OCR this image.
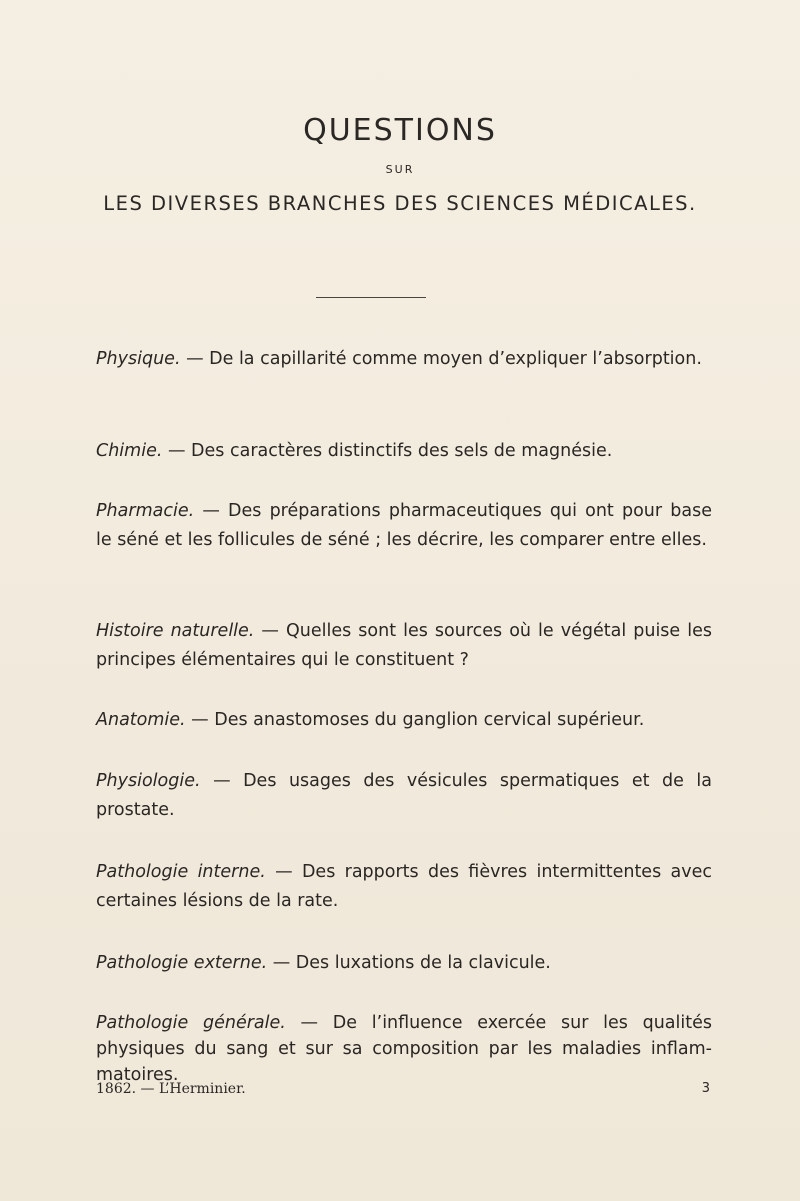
QUESTIONS
SUR
LES DIVERSES BRANCHES DES SCIENCES MÉDICALES.
Physique. — De la capillarité comme moyen d’expliquer l’absorption.
Chimie. — Des caractères distinctifs des sels de magnésie.
Pharmacie. — Des préparations pharmaceutiques qui ont pour base le séné et les follicules de séné ; les décrire, les comparer entre elles.
Histoire naturelle. — Quelles sont les sources où le végétal puise les principes élémentaires qui le constituent ?
Anatomie. — Des anastomoses du ganglion cervical supérieur.
Physiologie. — Des usages des vésicules spermatiques et de la prostate.
Pathologie interne. — Des rapports des fièvres intermittentes avec certaines lésions de la rate.
Pathologie externe. — Des luxations de la clavicule.
Pathologie générale. — De l’influence exercée sur les qualités physiques du sang et sur sa composition par les maladies inflammatoires.
1862. — L’Herminier.	3
